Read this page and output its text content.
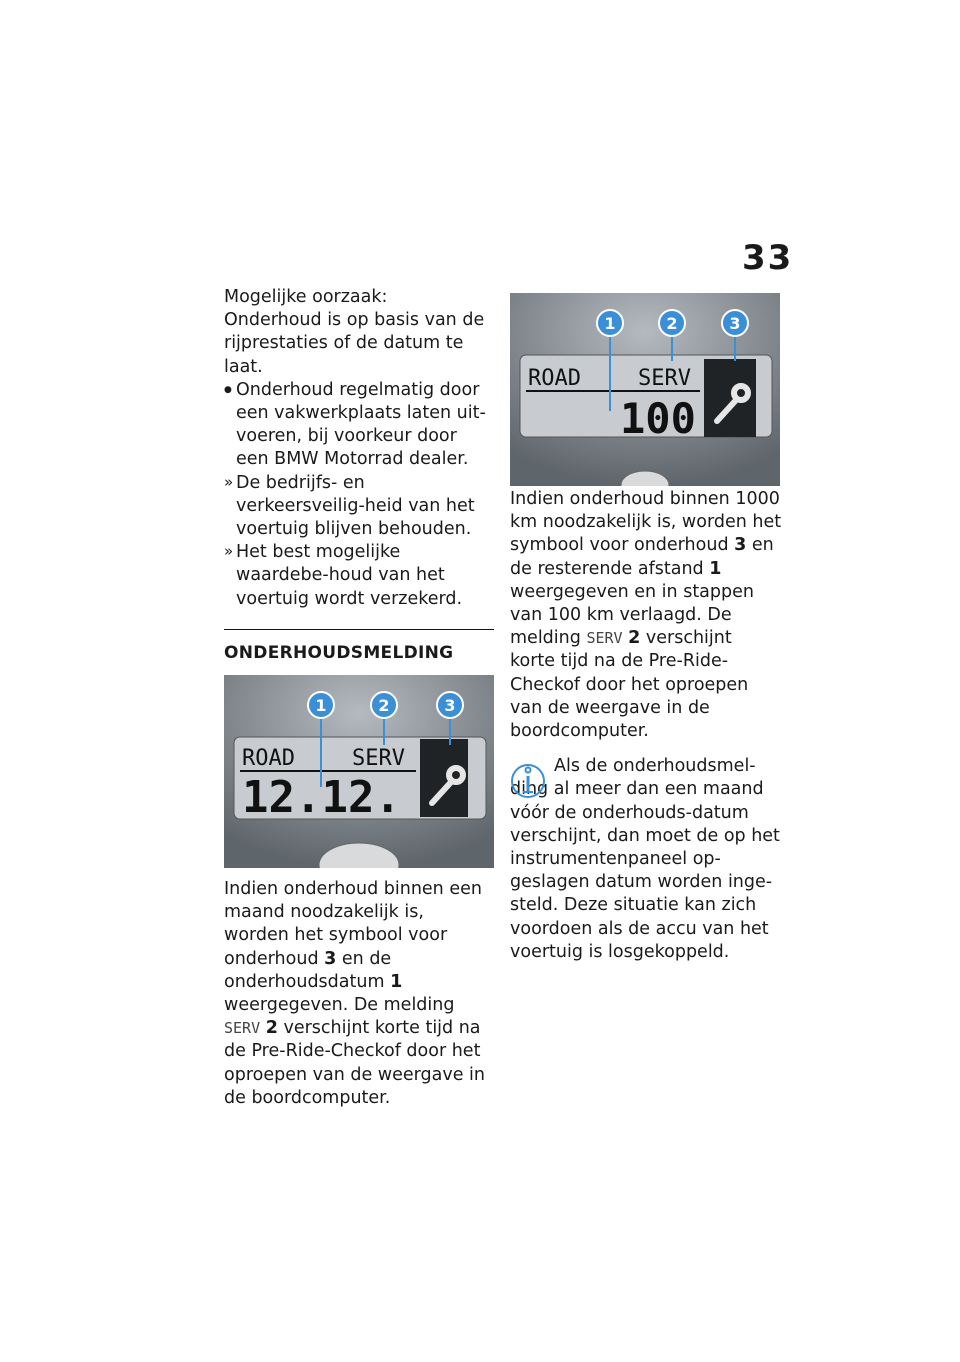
33

Mogelijke oorzaak:

Onderhoud is op basis van de rijprestaties of de datum te laat.

● Onderhoud regelmatig door een vakwerkplaats laten uit-voeren, bij voorkeur door een BMW Motorrad dealer.

» De bedrijfs- en verkeersveilig-heid van het voertuig blijven behouden.

» Het best mogelijke waardebe-houd van het voertuig wordt verzekerd.

ONDERHOUDSMELDING
ROAD	SERV
12.12.
1	2	3

Indien onderhoud binnen een maand noodzakelijk is, worden het symbool voor onderhoud 3 en de onderhoudsdatum 1 weergegeven. De melding SERV 2 verschijnt korte tijd na de Pre-Ride-Checkof door het oproepen van de weergave in de boordcomputer.

ROAD	SERV
100
1	2	3

Indien onderhoud binnen 1000 km noodzakelijk is, worden het symbool voor onderhoud 3 en de resterende afstand 1 weergegeven en in stappen van 100 km verlaagd. De melding SERV 2 verschijnt korte tijd na de Pre-Ride-Checkof door het oproepen van de weergave in de boordcomputer.

Als de onderhoudsmel-ding al meer dan een maand vóór de onderhouds-datum verschijnt, dan moet de op het instrumentenpaneel op-geslagen datum worden inge-steld. Deze situatie kan zich voordoen als de accu van het voertuig is losgekoppeld.
